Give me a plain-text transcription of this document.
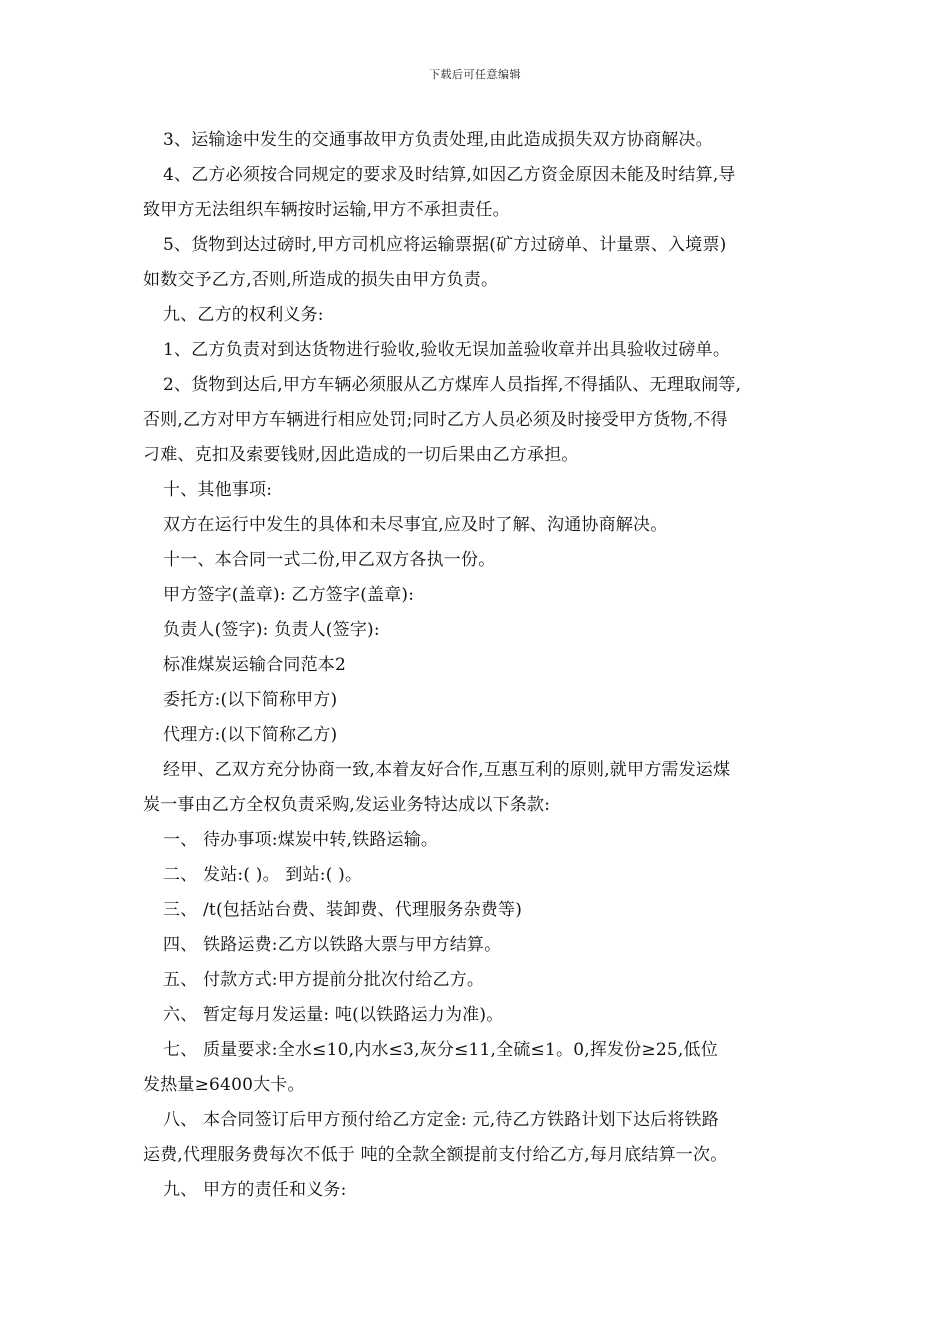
下载后可任意编辑

3、运输途中发生的交通事故甲方负责处理,由此造成损失双方协商解决。

4、乙方必须按合同规定的要求及时结算,如因乙方资金原因未能及时结算,导

致甲方无法组织车辆按时运输,甲方不承担责任。

5、货物到达过磅时,甲方司机应将运输票据(矿方过磅单、计量票、入境票)

如数交予乙方,否则,所造成的损失由甲方负责。

九、乙方的权利义务:

1、乙方负责对到达货物进行验收,验收无误加盖验收章并出具验收过磅单。

2、货物到达后,甲方车辆必须服从乙方煤库人员指挥,不得插队、无理取闹等,

否则,乙方对甲方车辆进行相应处罚;同时乙方人员必须及时接受甲方货物,不得

刁难、克扣及索要钱财,因此造成的一切后果由乙方承担。

十、其他事项:

双方在运行中发生的具体和未尽事宜,应及时了解、沟通协商解决。

十一、本合同一式二份,甲乙双方各执一份。

甲方签字(盖章): 乙方签字(盖章):

负责人(签字): 负责人(签字):

标准煤炭运输合同范本2

委托方:(以下简称甲方)

代理方:(以下简称乙方)

经甲、乙双方充分协商一致,本着友好合作,互惠互利的原则,就甲方需发运煤

炭一事由乙方全权负责采购,发运业务特达成以下条款:

一、 待办事项:煤炭中转,铁路运输。

二、 发站:( )。 到站:( )。

三、 /t(包括站台费、装卸费、代理服务杂费等)

四、 铁路运费:乙方以铁路大票与甲方结算。

五、 付款方式:甲方提前分批次付给乙方。

六、 暂定每月发运量: 吨(以铁路运力为准)。

七、 质量要求:全水≤10,内水≤3,灰分≤11,全硫≤1。0,挥发份≥25,低位

发热量≥6400大卡。

八、 本合同签订后甲方预付给乙方定金: 元,待乙方铁路计划下达后将铁路

运费,代理服务费每次不低于 吨的全款全额提前支付给乙方,每月底结算一次。

九、 甲方的责任和义务:
